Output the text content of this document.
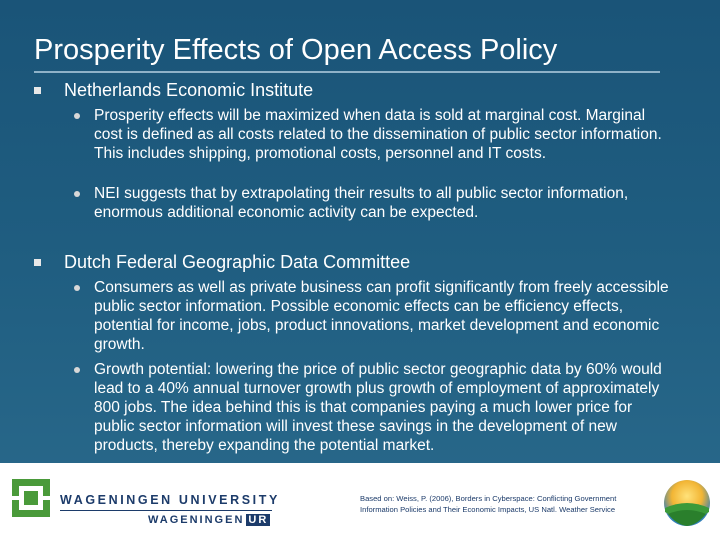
Prosperity Effects of Open Access Policy
Netherlands Economic Institute
Prosperity effects will be maximized when data is sold at marginal cost. Marginal cost is defined as all costs related to the dissemination of public sector information. This includes shipping, promotional costs, personnel and IT costs.
NEI suggests that by extrapolating their results to all public sector information, enormous additional economic activity can be expected.
Dutch Federal Geographic Data Committee
Consumers as well as private business can profit significantly from freely accessible public sector information. Possible economic effects can be efficiency effects, potential for income, jobs, product innovations, market development and economic growth.
Growth potential: lowering the price of public sector geographic data by 60% would lead to a 40% annual turnover growth plus growth of employment of approximately 800 jobs. The idea behind this is that companies paying a much lower price for public sector information will invest these savings in the development of new products, thereby expanding the potential market.
WAGENINGEN UNIVERSITY
WAGENINGEN UR
Based on: Weiss, P. (2006), Borders in Cyberspace: Conflicting Government
Information Policies and Their Economic Impacts, US Natl. Weather Service
